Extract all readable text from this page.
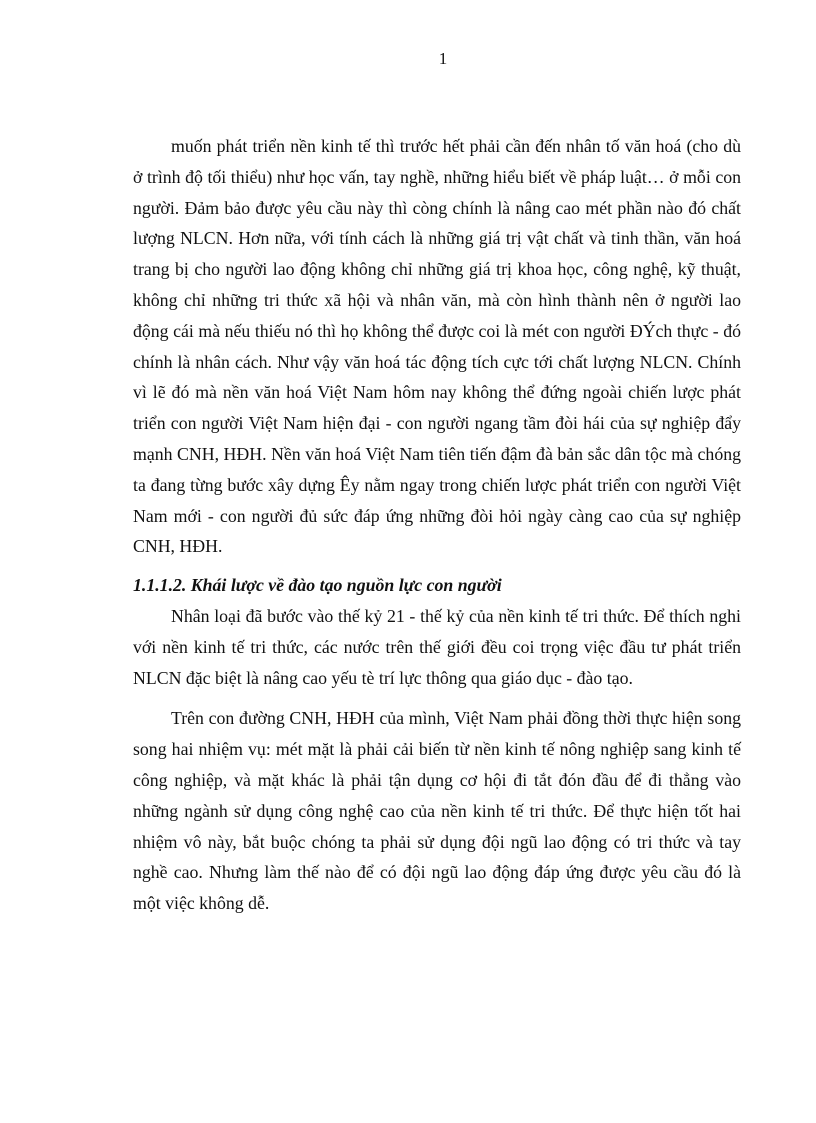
1

muốn phát triển nền kinh tế thì trước hết phải cần đến nhân tố văn hoá (cho dù ở trình độ tối thiểu) như học vấn, tay nghề, những hiểu biết về pháp luật… ở mỗi con người. Đảm bảo được yêu cầu này thì còng chính là nâng cao mét phần nào đó chất lượng NLCN. Hơn nữa, với tính cách là những giá trị vật chất và tinh thần, văn hoá trang bị cho người lao động không chỉ những giá trị khoa học, công nghệ, kỹ thuật, không chỉ những tri thức xã hội và nhân văn, mà còn hình thành nên ở người lao động cái mà nếu thiếu nó thì họ không thể được coi là mét con người ĐÝch thực - đó chính là nhân cách. Như vậy văn hoá tác động tích cực tới chất lượng NLCN. Chính vì lẽ đó mà nền văn hoá Việt Nam hôm nay không thể đứng ngoài chiến lược phát triển con người Việt Nam hiện đại - con người ngang tầm đòi hái của sự nghiệp đẩy mạnh CNH, HĐH. Nền văn hoá Việt Nam tiên tiến đậm đà bản sắc dân tộc mà chóng ta đang từng bước xây dựng Êy nằm ngay trong chiến lược phát triển con người Việt Nam mới - con người đủ sức đáp ứng những đòi hỏi ngày càng cao của sự nghiệp CNH, HĐH.

1.1.1.2. Khái lược về đào tạo nguồn lực con người

Nhân loại đã bước vào thế kỷ 21 - thế kỷ của nền kinh tế tri thức. Để thích nghi với nền kinh tế tri thức, các nước trên thế giới đều coi trọng việc đầu tư phát triển NLCN đặc biệt là nâng cao yếu tè trí lực thông qua giáo dục - đào tạo.

Trên con đường CNH, HĐH của mình, Việt Nam phải đồng thời thực hiện song song hai nhiệm vụ: mét mặt là phải cải biến từ nền kinh tế nông nghiệp sang kinh tế công nghiệp, và mặt khác là phải tận dụng cơ hội đi tắt đón đầu để đi thẳng vào những ngành sử dụng công nghệ cao của nền kinh tế tri thức. Để thực hiện tốt hai nhiệm vô này, bắt buộc chóng ta phải sử dụng đội ngũ lao động có tri thức và tay nghề cao. Nhưng làm thế nào để có đội ngũ lao động đáp ứng được yêu cầu đó là một việc không dễ.
